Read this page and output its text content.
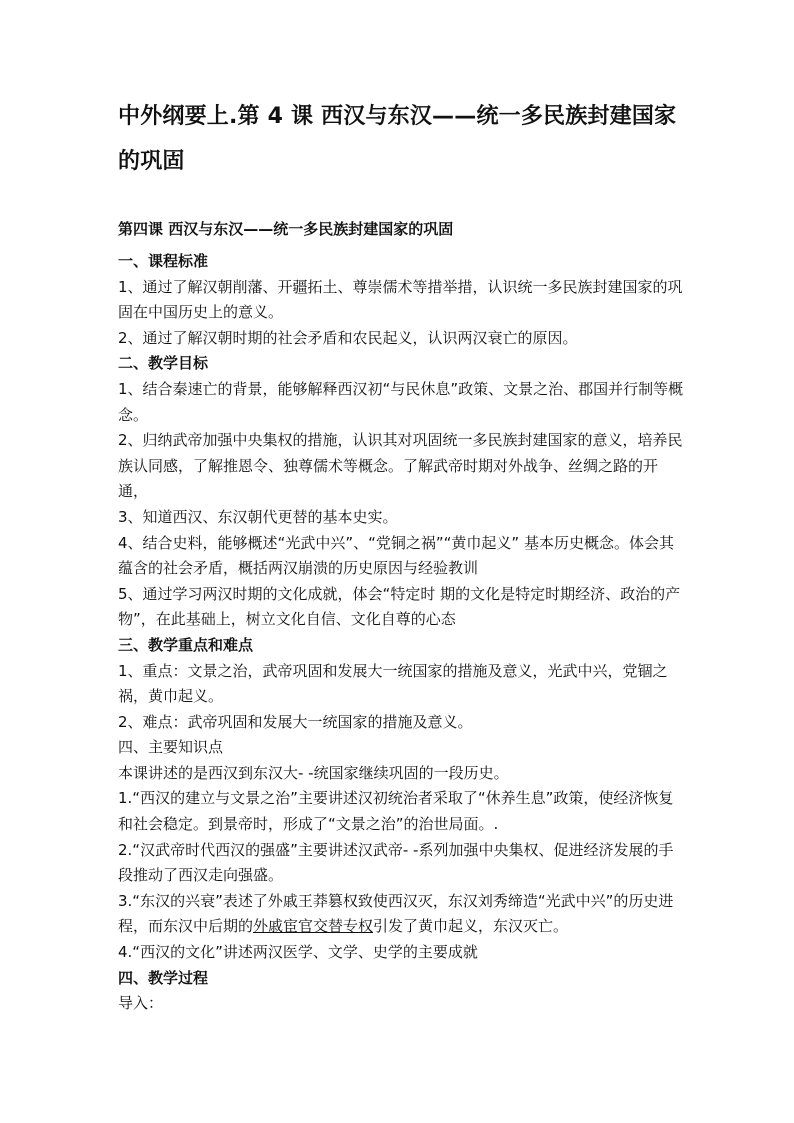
中外纲要上.第 4 课 西汉与东汉——统一多民族封建国家的巩固
第四课 西汉与东汉——统一多民族封建国家的巩固

一、课程标准

1、通过了解汉朝削藩、开疆拓土、尊崇儒术等措举措，认识统一多民族封建国家的巩固在中国历史上的意义。

2、通过了解汉朝时期的社会矛盾和农民起义，认识两汉衰亡的原因。

二、教学目标

1、结合秦速亡的背景，能够解释西汉初“与民休息”政策、文景之治、郡国并行制等概念。

2、归纳武帝加强中央集权的措施，认识其对巩固统一多民族封建国家的意义，培养民族认同感，了解推恩令、独尊儒术等概念。了解武帝时期对外战争、丝绸之路的开通，

3、知道西汉、东汉朝代更替的基本史实。

4、结合史料，能够概述“光武中兴”、“党铜之祸”“黄巾起义” 基本历史概念。体会其蕴含的社会矛盾，概括两汉崩溃的历史原因与经验教训

5、通过学习两汉时期的文化成就，体会“特定时 期的文化是特定时期经济、政治的产物”，在此基础上，树立文化自信、文化自尊的心态

三、教学重点和难点

1、重点：文景之治，武帝巩固和发展大一统国家的措施及意义，光武中兴，党锢之祸，黄巾起义。

2、难点：武帝巩固和发展大一统国家的措施及意义。

四、主要知识点

本课讲述的是西汉到东汉大- -统国家继续巩固的一段历史。

1.“西汉的建立与文景之治”主要讲述汉初统治者采取了“休养生息”政策，使经济恢复和社会稳定。到景帝时，形成了“文景之治”的治世局面。.

2.“汉武帝时代西汉的强盛”主要讲述汉武帝- -系列加强中央集权、促进经济发展的手段推动了西汉走向强盛。

3.“东汉的兴衰”表述了外戚王莽篡权致使西汉灭，东汉刘秀缔造“光武中兴”的历史进程，而东汉中后期的外戚宦官交替专权引发了黄巾起义，东汉灭亡。

4.“西汉的文化”讲述两汉医学、文学、史学的主要成就

四、教学过程

导入：
